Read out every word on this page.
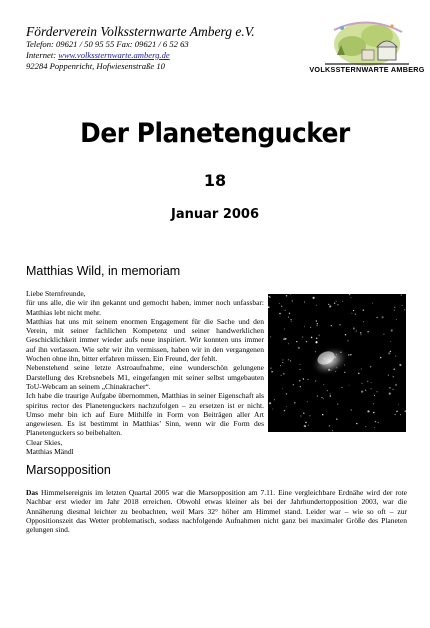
Förderverein Volkssternwarte Amberg e.V.
Telefon: 09621 / 50 95 55 Fax: 09621 / 6 52 63
Internet: www.volkssternwarte.amberg.de
92284 Poppenricht, Hofwiesenstraße 10	VOLKSSTERNWARTE AMBERG
Der Planetengucker
18
Januar 2006
Matthias Wild, in memoriam

Liebe Sternfreunde,

für uns alle, die wir ihn gekannt und gemocht haben, immer noch unfassbar: Matthias lebt nicht mehr.

Matthias hat uns mit seinem enormen Engagement für die Sache und den Verein, mit seiner fachlichen Kompetenz und seiner handwerklichen Geschicklichkeit immer wieder aufs neue inspiriert. Wir konnten uns immer auf ihn verlassen. Wie sehr wir ihn vermissen, haben wir in den vergangenen Wochen ohne ihn, bitter erfahren müssen. Ein Freund, der fehlt.

Nebenstehend seine letzte Astroaufnahme, eine wunderschön gelungene Darstellung des Krebsnebels M1, eingefangen mit seiner selbst umgebauten ToU-Webcam an seinem „Chinakracher“.

Ich habe die traurige Aufgabe übernommen, Matthias in seiner Eigenschaft als spiritus rector des Planetenguckers nachzufolgen – zu ersetzen ist er nicht. Umso mehr bin ich auf Eure Mithilfe in Form von Beiträgen aller Art angewiesen. Es ist bestimmt in Matthias’ Sinn, wenn wir die Form des Planetenguckers so beibehalten.

Clear Skies,

Matthias Mändl

Marsopposition

Das Himmelsereignis im letzten Quartal 2005 war die Marsopposition am 7.11. Eine vergleichbare Erdnähe wird der rote Nachbar erst wieder im Jahr 2018 erreichen. Obwohl etwas kleiner als bei der Jahrhundertopposition 2003, war die Annäherung diesmal leichter zu beobachten, weil Mars 32° höher am Himmel stand. Leider war – wie so oft – zur Oppositionszeit das Wetter problematisch, sodass nachfolgende Aufnahmen nicht ganz bei maximaler Größe des Planeten gelungen sind.
